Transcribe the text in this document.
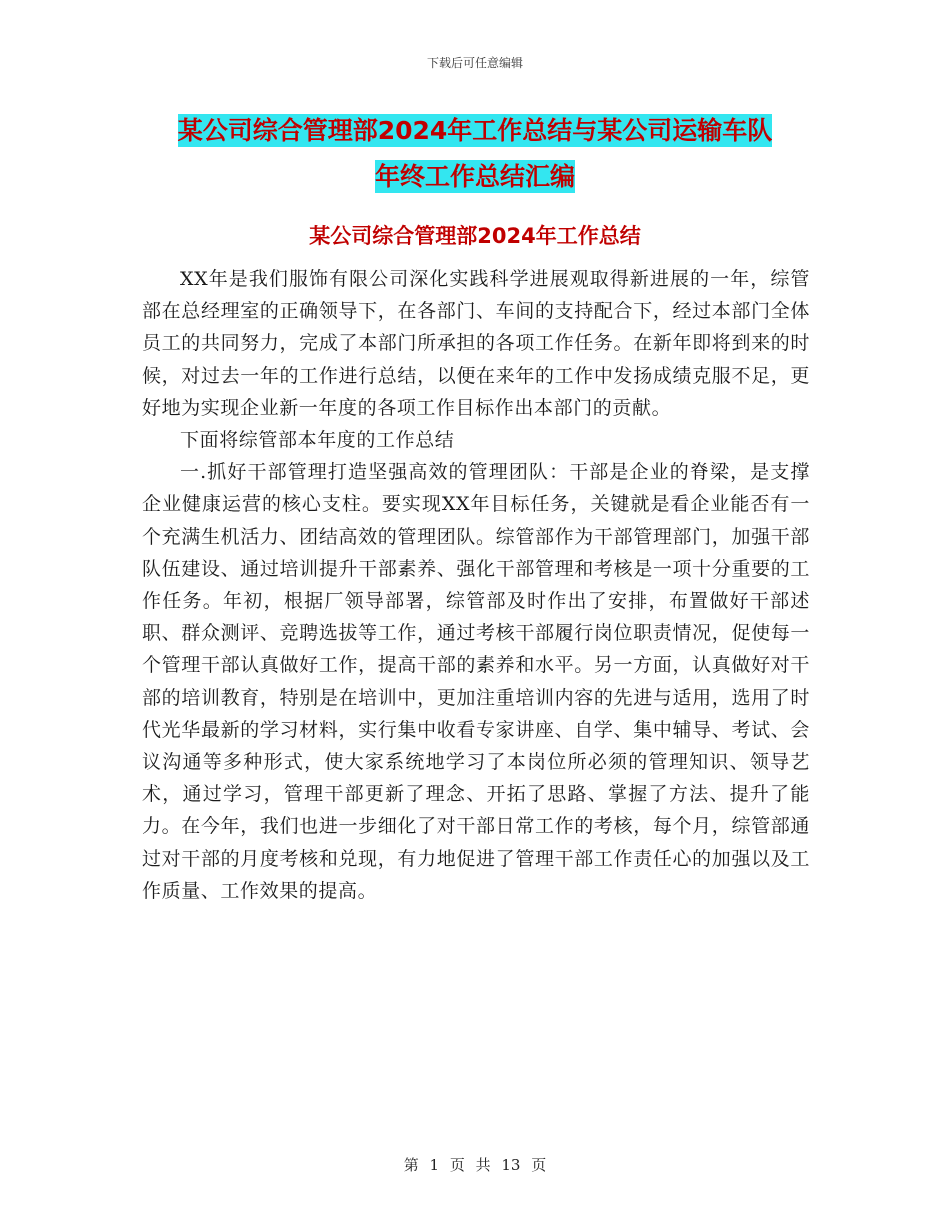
下载后可任意编辑
某公司综合管理部2024年工作总结与某公司运输车队
年终工作总结汇编
某公司综合管理部2024年工作总结

XX年是我们服饰有限公司深化实践科学进展观取得新进展的一年，综管部在总经理室的正确领导下，在各部门、车间的支持配合下，经过本部门全体员工的共同努力，完成了本部门所承担的各项工作任务。在新年即将到来的时候，对过去一年的工作进行总结，以便在来年的工作中发扬成绩克服不足，更好地为实现企业新一年度的各项工作目标作出本部门的贡献。

下面将综管部本年度的工作总结

一.抓好干部管理打造坚强高效的管理团队：干部是企业的脊梁，是支撑企业健康运营的核心支柱。要实现XX年目标任务，关键就是看企业能否有一个充满生机活力、团结高效的管理团队。综管部作为干部管理部门，加强干部队伍建设、通过培训提升干部素养、强化干部管理和考核是一项十分重要的工作任务。年初，根据厂领导部署，综管部及时作出了安排，布置做好干部述职、群众测评、竞聘选拔等工作，通过考核干部履行岗位职责情况，促使每一个管理干部认真做好工作，提高干部的素养和水平。另一方面，认真做好对干部的培训教育，特别是在培训中，更加注重培训内容的先进与适用，选用了时代光华最新的学习材料，实行集中收看专家讲座、自学、集中辅导、考试、会议沟通等多种形式，使大家系统地学习了本岗位所必须的管理知识、领导艺术，通过学习，管理干部更新了理念、开拓了思路、掌握了方法、提升了能力。在今年，我们也进一步细化了对干部日常工作的考核，每个月，综管部通过对干部的月度考核和兑现，有力地促进了管理干部工作责任心的加强以及工作质量、工作效果的提高。

第 1 页 共 13 页
